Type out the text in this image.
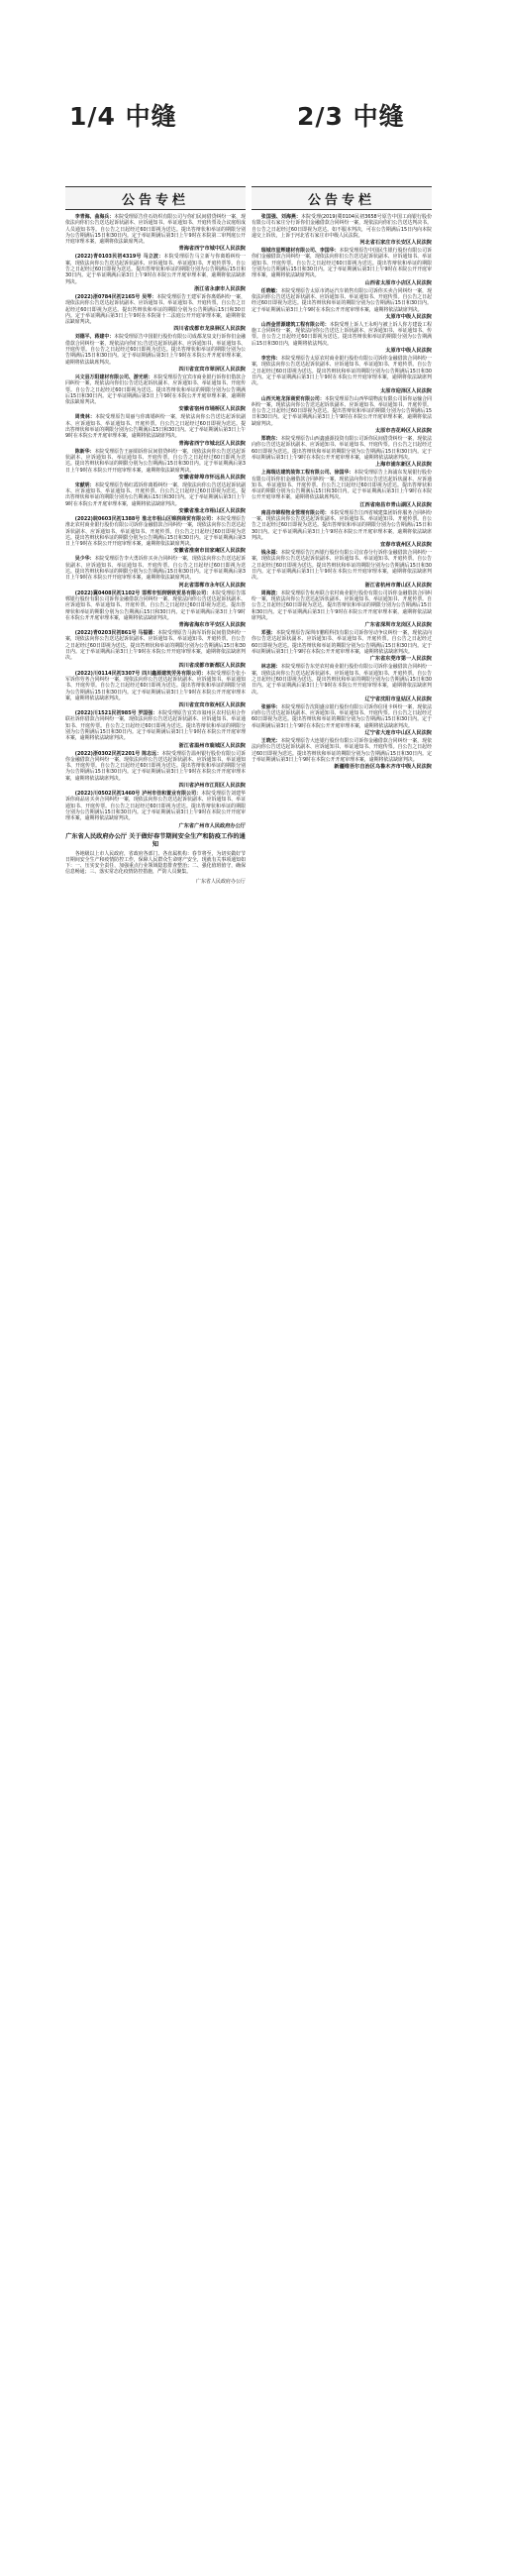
1/4 中缝	2/3 中缝
公告专栏
李青海、曲海兵：本院受理原告佳石纺织有限公司与你们民间借贷纠纷一案，现依法向你们公告送达起诉状副本、应诉通知书、举证通知书、开庭传票及合议庭组成人员通知书等。自公告之日起经过60日即视为送达。提出答辩状和举证的期限分别为公告期满后15日和30日内。定于举证期满后第3日上午9时在本院第二审判庭公开开庭审理本案，逾期将依法缺席判决。
青海省西宁市城中区人民法院
(2022)青0103民初4319号 马立波：本院受理原告马立新与你离婚纠纷一案，现依法向你公告送达起诉状副本、应诉通知书、举证通知书、开庭传票等。自公告之日起经过60日即视为送达。提出答辩状和举证的期限分别为公告期满后15日和30日内。定于举证期满后第3日上午9时在本院公开开庭审理本案，逾期将依法缺席判决。
浙江省永康市人民法院
(2022)浙0784民初2165号 吴琴：本院受理原告王建军诉你离婚纠纷一案，现依法向你公告送达起诉状副本、应诉通知书、举证通知书、开庭传票。自公告之日起经过60日即视为送达。提出答辩状和举证的期限分别为公告期满后15日和30日内。定于举证期满后第3日上午9时在本院第十二法庭公开开庭审理本案，逾期将依法缺席判决。
四川省成都市龙泉驿区人民法院
刘德平、蒋建中：本院受理原告中国银行股份有限公司成都龙泉支行诉你们金融借款合同纠纷一案，现依法向你们公告送达起诉状副本、应诉通知书、举证通知书、开庭传票。自公告之日起经过60日即视为送达。提出答辩状和举证的期限分别为公告期满后15日和30日内。定于举证期满后第3日上午9时在本院公开开庭审理本案，逾期将依法缺席判决。
四川省宜宾市翠屏区人民法院
兴文县万阳建材有限公司、游光明：本院受理原告宜宾市商业银行诉你们借款合同纠纷一案，现依法向你们公告送达起诉状副本、应诉通知书、举证通知书、开庭传票。自公告之日起经过60日即视为送达。提出答辩状和举证的期限分别为公告期满后15日和30日内。定于举证期满后第3日上午9时在本院公开开庭审理本案，逾期将依法缺席判决。
安徽省宿州市埇桥区人民法院
周贵林：本院受理原告周丽与你离婚纠纷一案，现依法向你公告送达起诉状副本、应诉通知书、举证通知书、开庭传票。自公告之日起经过60日即视为送达。提出答辩状和举证的期限分别为公告期满后15日和30日内。定于举证期满后第3日上午9时在本院公开开庭审理本案，逾期将依法缺席判决。
青海省西宁市城北区人民法院
陈新华：本院受理原告王丽娟诉你民间借贷纠纷一案，现依法向你公告送达起诉状副本、应诉通知书、举证通知书、开庭传票。自公告之日起经过60日即视为送达。提出答辩状和举证的期限分别为公告期满后15日和30日内。定于举证期满后第3日上午9时在本院公开开庭审理本案，逾期将依法缺席判决。
安徽省蚌埠市怀远县人民法院
宋献明：本院受理原告杨红霞诉你离婚纠纷一案，现依法向你公告送达起诉状副本、应诉通知书、举证通知书、开庭传票。自公告之日起经过60日即视为送达。提出答辩状和举证的期限分别为公告期满后15日和30日内。定于举证期满后第3日上午9时在本院公开开庭审理本案，逾期将依法缺席判决。
安徽省淮北市相山区人民法院
(2022)皖0603民初1388号 淮北市相山区锦润商贸有限公司：本院受理原告淮北农村商业银行股份有限公司诉你金融借款合同纠纷一案，现依法向你公告送达起诉状副本、应诉通知书、举证通知书、开庭传票。自公告之日起经过60日即视为送达。提出答辩状和举证的期限分别为公告期满后15日和30日内。定于举证期满后第3日上午9时在本院公开开庭审理本案，逾期将依法缺席判决。
安徽省淮南市田家庵区人民法院
吴少华：本院受理原告李大勇诉你买卖合同纠纷一案，现依法向你公告送达起诉状副本、应诉通知书、举证通知书、开庭传票。自公告之日起经过60日即视为送达。提出答辩状和举证的期限分别为公告期满后15日和30日内。定于举证期满后第3日上午9时在本院公开开庭审理本案，逾期将依法缺席判决。
河北省邯郸市永年区人民法院
(2022)冀0408民初1102号 邯郸市恒润钢铁贸易有限公司：本院受理原告邯郸银行股份有限公司诉你金融借款合同纠纷一案，现依法向你公告送达起诉状副本、应诉通知书、举证通知书、开庭传票。自公告之日起经过60日即视为送达。提出答辩状和举证的期限分别为公告期满后15日和30日内。定于举证期满后第3日上午9时在本院公开开庭审理本案，逾期将依法缺席判决。
青海省海东市平安区人民法院
(2022)青0203民初861号 马福德：本院受理原告马海军诉你民间借贷纠纷一案，现依法向你公告送达起诉状副本、应诉通知书、举证通知书、开庭传票。自公告之日起经过60日即视为送达。提出答辩状和举证的期限分别为公告期满后15日和30日内。定于举证期满后第3日上午9时在本院公开开庭审理本案，逾期将依法缺席判决。
四川省成都市新都区人民法院
(2022)川0114民初3307号 四川鑫源建筑劳务有限公司：本院受理原告张小军诉你劳务合同纠纷一案，现依法向你公告送达起诉状副本、应诉通知书、举证通知书、开庭传票。自公告之日起经过60日即视为送达。提出答辩状和举证的期限分别为公告期满后15日和30日内。定于举证期满后第3日上午9时在本院公开开庭审理本案，逾期将依法缺席判决。
四川省宜宾市叙州区人民法院
(2022)川1521民初985号 罗国强：本院受理原告宜宾市叙州区农村信用合作联社诉你借款合同纠纷一案，现依法向你公告送达起诉状副本、应诉通知书、举证通知书、开庭传票。自公告之日起经过60日即视为送达。提出答辩状和举证的期限分别为公告期满后15日和30日内。定于举证期满后第3日上午9时在本院公开开庭审理本案，逾期将依法缺席判决。
浙江省温州市鹿城区人民法院
(2022)浙0302民初2201号 陈志远：本院受理原告温州银行股份有限公司诉你金融借款合同纠纷一案，现依法向你公告送达起诉状副本、应诉通知书、举证通知书、开庭传票。自公告之日起经过60日即视为送达。提出答辩状和举证的期限分别为公告期满后15日和30日内。定于举证期满后第3日上午9时在本院公开开庭审理本案，逾期将依法缺席判决。
四川省泸州市江阳区人民法院
(2022)川0502民初1460号 泸州市佳和置业有限公司：本院受理原告刘建华诉你商品房买卖合同纠纷一案，现依法向你公告送达起诉状副本、应诉通知书、举证通知书、开庭传票。自公告之日起经过60日即视为送达。提出答辩状和举证的期限分别为公告期满后15日和30日内。定于举证期满后第3日上午9时在本院公开开庭审理本案，逾期将依法缺席判决。
广东省广州市人民政府办公厅
广东省人民政府办公厅 关于做好春节期间安全生产和防疫工作的通知
各地级以上市人民政府，省政府各部门、各直属机构：春节将至，为切实做好节日期间安全生产和疫情防控工作，保障人民群众生命财产安全，现就有关事项通知如下：一、压实安全责任，加强重点行业领域隐患排查整治；二、强化值班值守，确保信息畅通；三、落实常态化疫情防控措施，严防人员聚集。
广东省人民政府办公厅
公告专栏
张国强、刘海燕：本院受理(2019)冀0104民初3658号原告中国工商银行股份有限公司石家庄分行诉你们金融借款合同纠纷一案，现依法向你们公告送达判决书。自公告之日起经过60日即视为送达。如不服本判决，可在公告期满后15日内向本院递交上诉状，上诉于河北省石家庄市中级人民法院。
河北省石家庄市长安区人民法院
瑞城市星辉建材有限公司、李国华：本院受理原告中国民生银行股份有限公司诉你们金融借款合同纠纷一案，现依法向你们公告送达起诉状副本、应诉通知书、举证通知书、开庭传票。自公告之日起经过60日即视为送达。提出答辩状和举证的期限分别为公告期满后15日和30日内。定于举证期满后第3日上午9时在本院公开开庭审理本案，逾期将依法缺席判决。
山西省太原市小店区人民法院
任晓敏：本院受理原告太原市鸿运汽车销售有限公司诉你买卖合同纠纷一案，现依法向你公告送达起诉状副本、应诉通知书、举证通知书、开庭传票。自公告之日起经过60日即视为送达。提出答辩状和举证的期限分别为公告期满后15日和30日内。定于举证期满后第3日上午9时在本院公开开庭审理本案，逾期将依法缺席判决。
太原市中级人民法院
山西金晋源建筑工程有限公司：本院受理上诉人王永明与被上诉人你方建设工程施工合同纠纷一案，现依法向你公告送达上诉状副本、应诉通知书、举证通知书、传票。自公告之日起经过60日即视为送达。提出答辩状和举证的期限分别为公告期满后15日和30日内，逾期将依法判决。
太原市中级人民法院
李宏伟：本院受理原告太原农村商业银行股份有限公司诉你金融借款合同纠纷一案，现依法向你公告送达起诉状副本、应诉通知书、举证通知书、开庭传票。自公告之日起经过60日即视为送达。提出答辩状和举证的期限分别为公告期满后15日和30日内。定于举证期满后第3日上午9时在本院公开开庭审理本案，逾期将依法缺席判决。
太原市迎泽区人民法院
山西天地龙泽商贸有限公司：本院受理原告山西华瑞物流有限公司诉你运输合同纠纷一案，现依法向你公告送达起诉状副本、应诉通知书、举证通知书、开庭传票。自公告之日起经过60日即视为送达。提出答辩状和举证的期限分别为公告期满后15日和30日内。定于举证期满后第3日上午9时在本院公开开庭审理本案，逾期将依法缺席判决。
太原市杏花岭区人民法院
郑晓东：本院受理原告山西鑫盛源投资有限公司诉你民间借贷纠纷一案，现依法向你公告送达起诉状副本、应诉通知书、举证通知书、开庭传票。自公告之日起经过60日即视为送达。提出答辩状和举证的期限分别为公告期满后15日和30日内。定于举证期满后第3日上午9时在本院公开开庭审理本案，逾期将依法缺席判决。
上海市浦东新区人民法院
上海瑞达建筑装饰工程有限公司、徐国华：本院受理原告上海浦东发展银行股份有限公司诉你们金融借款合同纠纷一案，现依法向你们公告送达起诉状副本、应诉通知书、举证通知书、开庭传票。自公告之日起经过60日即视为送达。提出答辩状和举证的期限分别为公告期满后15日和30日内。定于举证期满后第3日上午9时在本院公开开庭审理本案，逾期将依法缺席判决。
江西省南昌市青山湖区人民法院
南昌市锦程物业管理有限公司：本院受理原告江西省城建集团诉你服务合同纠纷一案，现依法向你公告送达起诉状副本、应诉通知书、举证通知书、开庭传票。自公告之日起经过60日即视为送达。提出答辩状和举证的期限分别为公告期满后15日和30日内。定于举证期满后第3日上午9时在本院公开开庭审理本案，逾期将依法缺席判决。
宜春市袁州区人民法院
钱永福：本院受理原告江西银行股份有限公司宜春分行诉你金融借款合同纠纷一案，现依法向你公告送达起诉状副本、应诉通知书、举证通知书、开庭传票。自公告之日起经过60日即视为送达。提出答辩状和举证的期限分别为公告期满后15日和30日内。定于举证期满后第3日上午9时在本院公开开庭审理本案，逾期将依法缺席判决。
浙江省杭州市萧山区人民法院
周海波：本院受理原告杭州联合农村商业银行股份有限公司诉你金融借款合同纠纷一案，现依法向你公告送达起诉状副本、应诉通知书、举证通知书、开庭传票。自公告之日起经过60日即视为送达。提出答辩状和举证的期限分别为公告期满后15日和30日内。定于举证期满后第3日上午9时在本院公开开庭审理本案，逾期将依法缺席判决。
广东省深圳市龙岗区人民法院
邓强：本院受理原告深圳市鹏程科技有限公司诉你劳动争议纠纷一案，现依法向你公告送达起诉状副本、应诉通知书、举证通知书、开庭传票。自公告之日起经过60日即视为送达。提出答辩状和举证的期限分别为公告期满后15日和30日内。定于举证期满后第3日上午9时在本院公开开庭审理本案，逾期将依法缺席判决。
广东省东莞市第一人民法院
林志刚：本院受理原告东莞农村商业银行股份有限公司诉你金融借款合同纠纷一案，现依法向你公告送达起诉状副本、应诉通知书、举证通知书、开庭传票。自公告之日起经过60日即视为送达。提出答辩状和举证的期限分别为公告期满后15日和30日内。定于举证期满后第3日上午9时在本院公开开庭审理本案，逾期将依法缺席判决。
辽宁省沈阳市皇姑区人民法院
张丽华：本院受理原告沈阳盛京银行股份有限公司诉你信用卡纠纷一案，现依法向你公告送达起诉状副本、应诉通知书、举证通知书、开庭传票。自公告之日起经过60日即视为送达。提出答辩状和举证的期限分别为公告期满后15日和30日内。定于举证期满后第3日上午9时在本院公开开庭审理本案，逾期将依法缺席判决。
辽宁省大连市中山区人民法院
王晓光：本院受理原告大连银行股份有限公司诉你金融借款合同纠纷一案，现依法向你公告送达起诉状副本、应诉通知书、举证通知书、开庭传票。自公告之日起经过60日即视为送达。提出答辩状和举证的期限分别为公告期满后15日和30日内。定于举证期满后第3日上午9时在本院公开开庭审理本案，逾期将依法缺席判决。
新疆维吾尔自治区乌鲁木齐市中级人民法院
